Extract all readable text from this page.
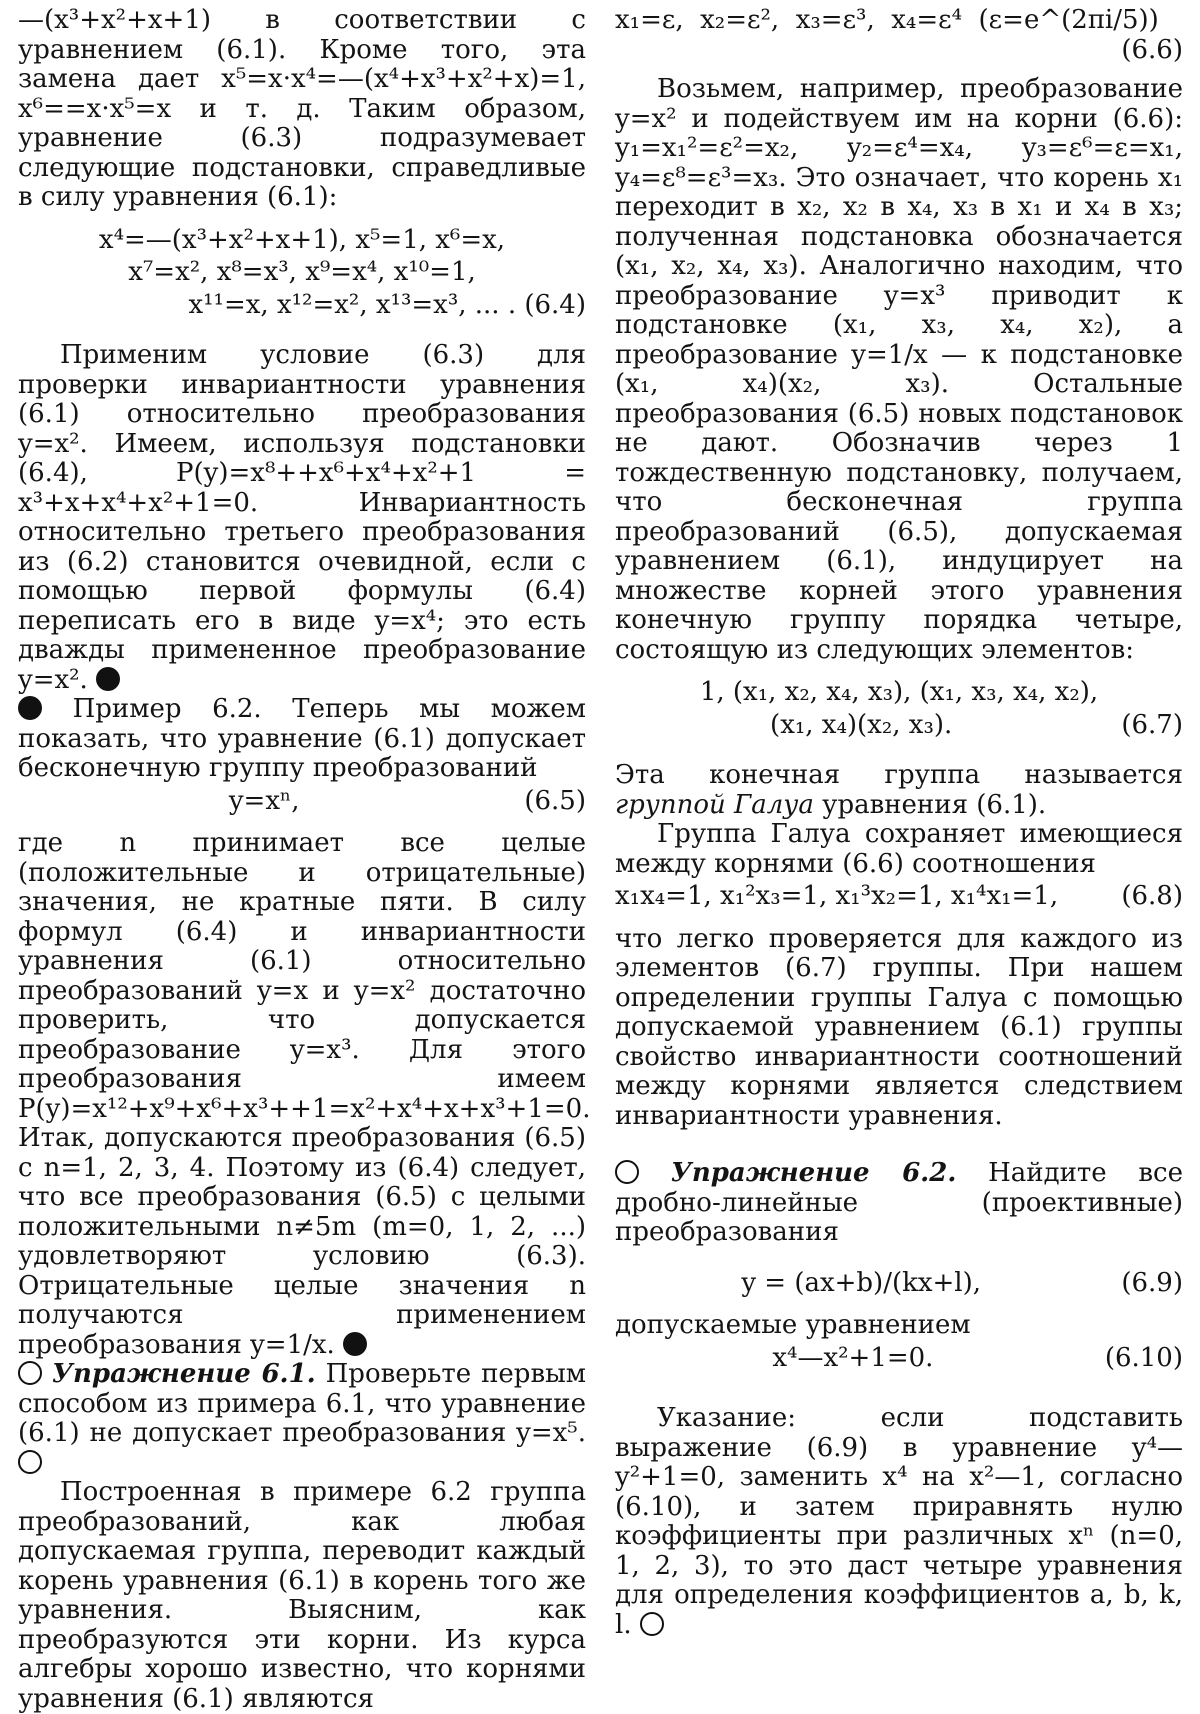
—(x³+x²+x+1) в соответствии с уравнением (6.1). Кроме того, эта замена дает x⁵=x·x⁴=—(x⁴+x³+x²+x)=1, x⁶==x·x⁵=x и т. д. Таким образом, уравнение (6.3) подразумевает следующие подстановки, справедливые в силу уравнения (6.1):

x⁴=—(x³+x²+x+1), x⁵=1, x⁶=x,

x⁷=x², x⁸=x³, x⁹=x⁴, x¹⁰=1,

x¹¹=x, x¹²=x², x¹³=x³, ... . (6.4)

Применим условие (6.3) для проверки инвариантности уравнения (6.1) относительно преобразования y=x². Имеем, используя подстановки (6.4), P(y)=x⁸++x⁶+x⁴+x²+1 = x³+x+x⁴+x²+1=0. Инвариантность относительно третьего преобразования из (6.2) становится очевидной, если с помощью первой формулы (6.4) переписать его в виде y=x⁴; это есть дважды примененное преобразование y=x².

Пример 6.2. Теперь мы можем показать, что уравнение (6.1) допускает бесконечную группу преобразований

y=xⁿ,	(6.5)

где n принимает все целые (положительные и отрицательные) значения, не кратные пяти. В силу формул (6.4) и инвариантности уравнения (6.1) относительно преобразований y=x и y=x² достаточно проверить, что допускается преобразование y=x³. Для этого преобразования имеем P(y)=x¹²+x⁹+x⁶+x³++1=x²+x⁴+x+x³+1=0. Итак, допускаются преобразования (6.5) с n=1, 2, 3, 4. Поэтому из (6.4) следует, что все преобразования (6.5) с целыми положительными n≠5m (m=0, 1, 2, ...) удовлетворяют условию (6.3). Отрицательные целые значения n получаются применением преобразования y=1/x.

Упражнение 6.1. Проверьте первым способом из примера 6.1, что уравнение (6.1) не допускает преобразования y=x⁵.

Построенная в примере 6.2 группа преобразований, как любая допускаемая группа, переводит каждый корень уравнения (6.1) в корень того же уравнения. Выясним, как преобразуются эти корни. Из курса алгебры хорошо известно, что корнями уравнения (6.1) являются

x₁=ε,  x₂=ε²,  x₃=ε³,  x₄=ε⁴  (ε=e^(2πi/5))

(6.6)

Возьмем, например, преобразование y=x² и подействуем им на корни (6.6): y₁=x₁²=ε²=x₂, y₂=ε⁴=x₄, y₃=ε⁶=ε=x₁, y₄=ε⁸=ε³=x₃. Это означает, что корень x₁ переходит в x₂, x₂ в x₄, x₃ в x₁ и x₄ в x₃; полученная подстановка обозначается (x₁, x₂, x₄, x₃). Аналогично находим, что преобразование y=x³ приводит к подстановке (x₁, x₃, x₄, x₂), а преобразование y=1/x — к подстановке (x₁, x₄)(x₂, x₃). Остальные преобразования (6.5) новых подстановок не дают. Обозначив через 1 тождественную подстановку, получаем, что бесконечная группа преобразований (6.5), допускаемая уравнением (6.1), индуцирует на множестве корней этого уравнения конечную группу порядка четыре, состоящую из следующих элементов:

1, (x₁, x₂, x₄, x₃), (x₁, x₃, x₄, x₂),

(x₁, x₄)(x₂, x₃).	(6.7)

Эта конечная группа называется группой Галуа уравнения (6.1).

Группа Галуа сохраняет имеющиеся между корнями (6.6) соотношения

x₁x₄=1, x₁²x₃=1, x₁³x₂=1, x₁⁴x₁=1, (6.8)

что легко проверяется для каждого из элементов (6.7) группы. При нашем определении группы Галуа с помощью допускаемой уравнением (6.1) группы свойство инвариантности соотношений между корнями является следствием инвариантности уравнения.

Упражнение 6.2. Найдите все дробно-линейные (проективные) преобразования

y = (ax+b)/(kx+l),	(6.9)

допускаемые уравнением

x⁴—x²+1=0.	(6.10)

Указание: если подставить выражение (6.9) в уравнение y⁴—y²+1=0, заменить x⁴ на x²—1, согласно (6.10), и затем приравнять нулю коэффициенты при различных xⁿ (n=0, 1, 2, 3), то это даст четыре уравнения для определения коэффициентов a, b, k, l.
